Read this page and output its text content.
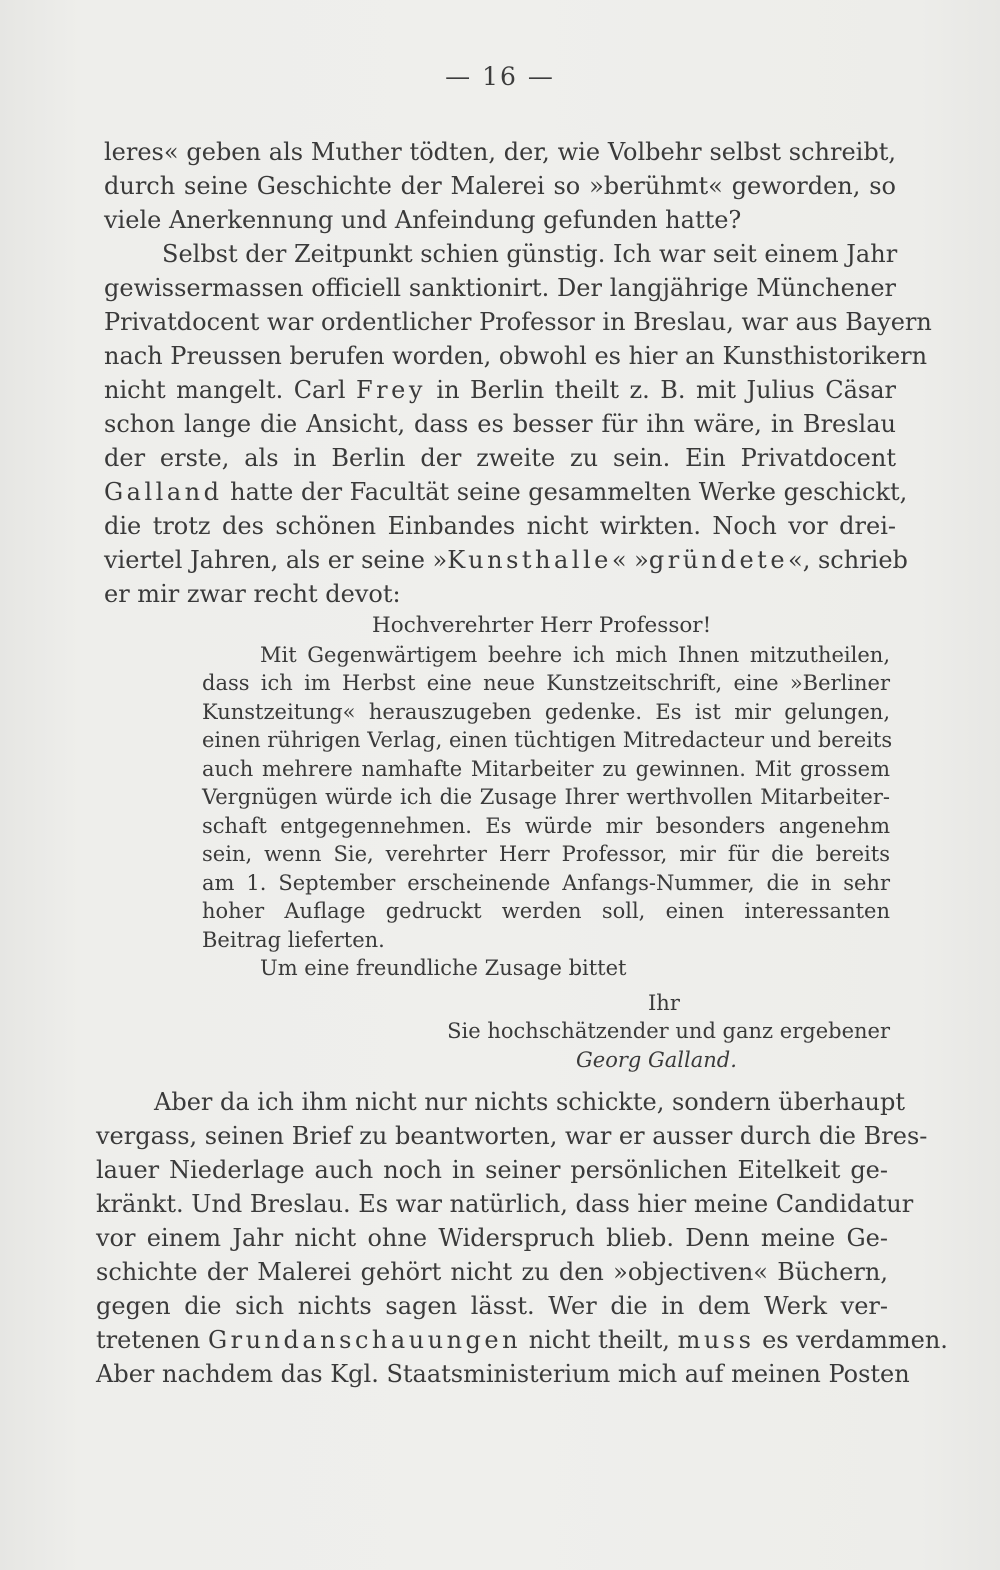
— 16 —
leres« geben als Muther tödten, der, wie Volbehr selbst schreibt,
durch seine Geschichte der Malerei so »berühmt« geworden, so
viele Anerkennung und Anfeindung gefunden hatte?
Selbst der Zeitpunkt schien günstig. Ich war seit einem Jahr
gewissermassen officiell sanktionirt. Der langjährige Münchener
Privatdocent war ordentlicher Professor in Breslau, war aus Bayern
nach Preussen berufen worden, obwohl es hier an Kunsthistorikern
nicht mangelt. Carl Frey in Berlin theilt z. B. mit Julius Cäsar
schon lange die Ansicht, dass es besser für ihn wäre, in Breslau
der erste, als in Berlin der zweite zu sein. Ein Privatdocent
Galland hatte der Facultät seine gesammelten Werke geschickt,
die trotz des schönen Einbandes nicht wirkten. Noch vor drei-
viertel Jahren, als er seine »Kunsthalle« »gründete«, schrieb
er mir zwar recht devot:
Hochverehrter Herr Professor!
Mit Gegenwärtigem beehre ich mich Ihnen mitzutheilen,
dass ich im Herbst eine neue Kunstzeitschrift, eine »Berliner
Kunstzeitung« herauszugeben gedenke. Es ist mir gelungen,
einen rührigen Verlag, einen tüchtigen Mitredacteur und bereits
auch mehrere namhafte Mitarbeiter zu gewinnen. Mit grossem
Vergnügen würde ich die Zusage Ihrer werthvollen Mitarbeiter-
schaft entgegennehmen. Es würde mir besonders angenehm
sein, wenn Sie, verehrter Herr Professor, mir für die bereits
am 1. September erscheinende Anfangs-Nummer, die in sehr
hoher Auflage gedruckt werden soll, einen interessanten
Beitrag lieferten.
Um eine freundliche Zusage bittet
Ihr
Sie hochschätzender und ganz ergebener
Georg Galland.
Aber da ich ihm nicht nur nichts schickte, sondern überhaupt
vergass, seinen Brief zu beantworten, war er ausser durch die Bres-
lauer Niederlage auch noch in seiner persönlichen Eitelkeit ge-
kränkt. Und Breslau. Es war natürlich, dass hier meine Candidatur
vor einem Jahr nicht ohne Widerspruch blieb. Denn meine Ge-
schichte der Malerei gehört nicht zu den »objectiven« Büchern,
gegen die sich nichts sagen lässt. Wer die in dem Werk ver-
tretenen Grundanschauungen nicht theilt, muss es verdammen.
Aber nachdem das Kgl. Staatsministerium mich auf meinen Posten
